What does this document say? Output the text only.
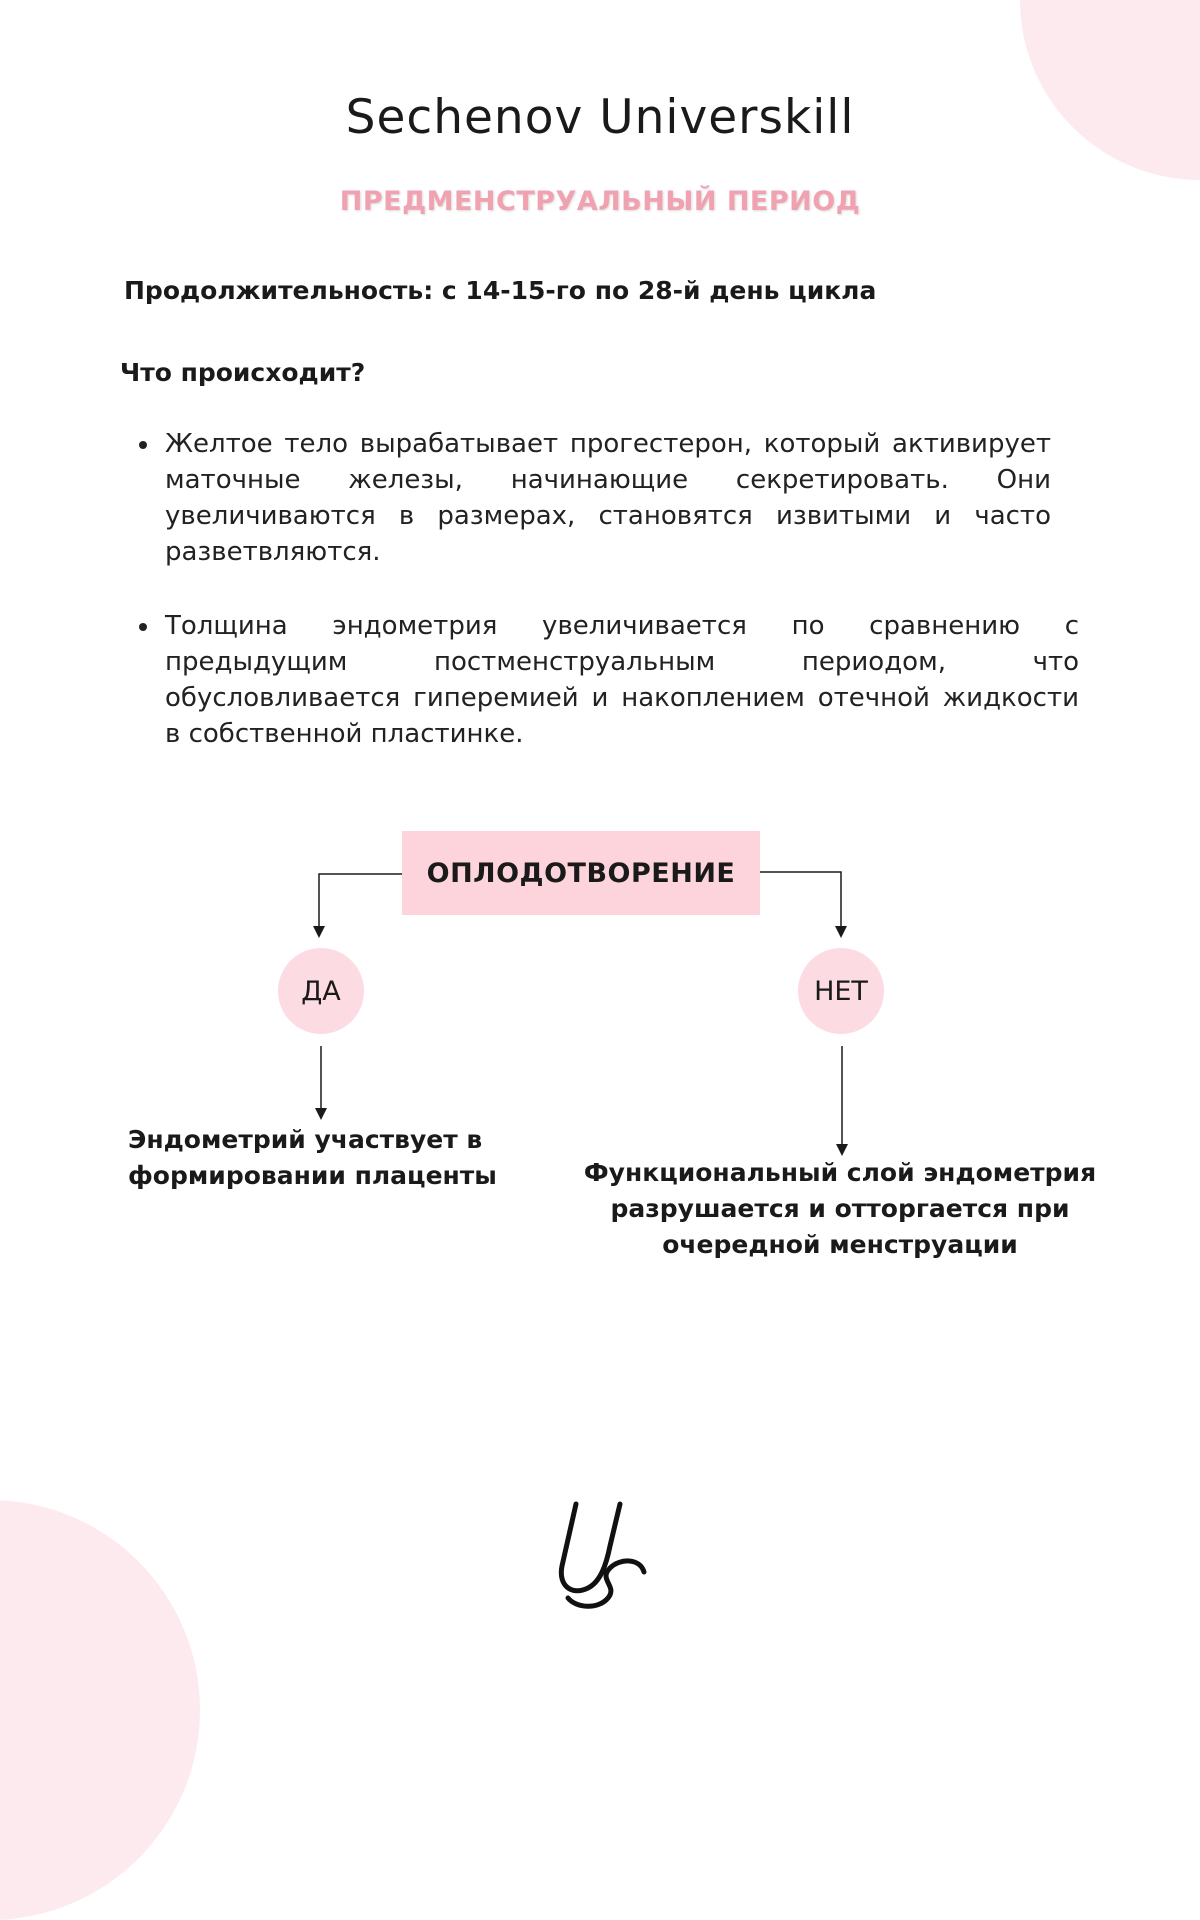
Sechenov Universkill
ПРЕДМЕНСТРУАЛЬНЫЙ ПЕРИОД

Продолжительность: с 14-15-го по 28-й день цикла

Что происходит?

Желтое тело вырабатывает прогестерон, который активирует маточные железы, начинающие секретировать. Они увеличиваются в размерах, становятся извитыми и часто разветвляются.
Толщина эндометрия увеличивается по сравнению с предыдущим постменструальным периодом, что обусловливается гиперемией и накоплением отечной жидкости в собственной пластинке.
ОПЛОДОТВОРЕНИЕ
ДА	НЕТ

Эндометрий участвует в формировании плаценты	Функциональный слой эндометрия разрушается и отторгается при очередной менструации
